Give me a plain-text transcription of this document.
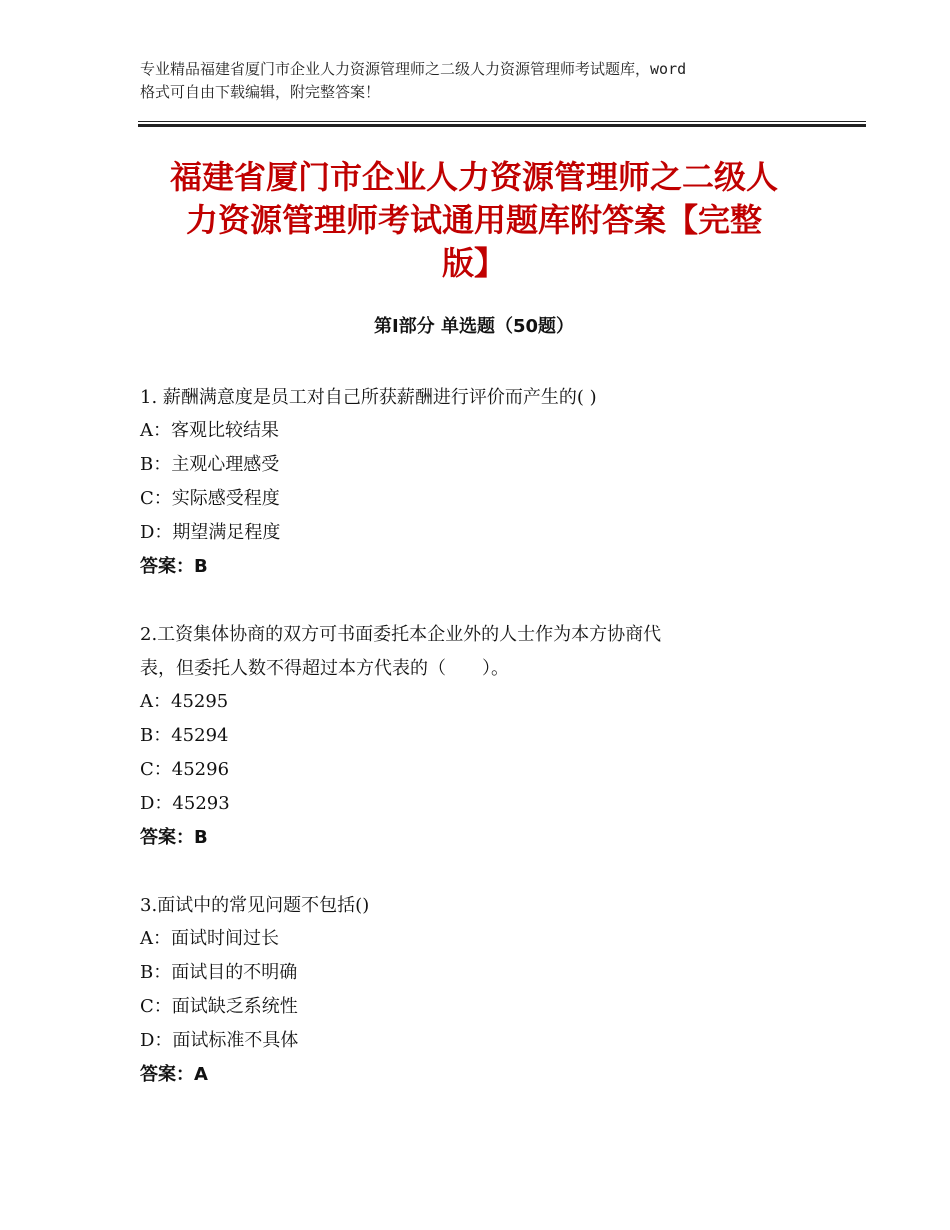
专业精品福建省厦门市企业人力资源管理师之二级人力资源管理师考试题库，word
格式可自由下载编辑，附完整答案！
福建省厦门市企业人力资源管理师之二级人
力资源管理师考试通用题库附答案【完整
版】
第Ⅰ部分 单选题（50题）

1. 薪酬满意度是员工对自己所获薪酬进行评价而产生的( )

A：客观比较结果

B：主观心理感受

C：实际感受程度

D：期望满足程度

答案：B

2.工资集体协商的双方可书面委托本企业外的人士作为本方协商代

表，但委托人数不得超过本方代表的（　　）。

A：45295

B：45294

C：45296

D：45293

答案：B

3.面试中的常见问题不包括()

A：面试时间过长

B：面试目的不明确

C：面试缺乏系统性

D：面试标准不具体

答案：A
